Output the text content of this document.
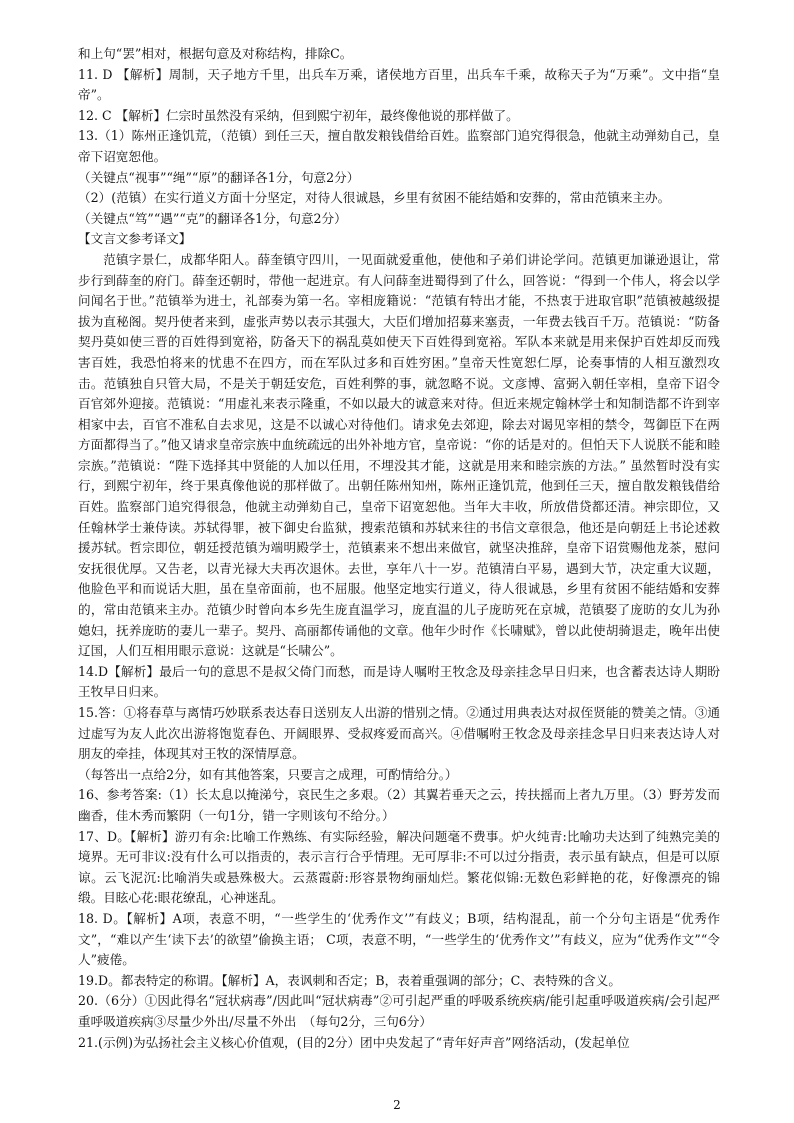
和上句“罢”相对，根据句意及对称结构，排除C。

11. D 【解析】周制，天子地方千里，出兵车万乘，诸侯地方百里，出兵车千乘，故称天子为“万乘”。文中指“皇帝”。

12. C 【解析】仁宗时虽然没有采纳，但到熙宁初年，最终像他说的那样做了。

13.（1）陈州正逢饥荒，（范镇）到任三天，擅自散发粮钱借给百姓。监察部门追究得很急，他就主动弹劾自己，皇帝下诏宽恕他。

（关键点“视事”“绳”“原”的翻译各1分，句意2分）

（2）(范镇）在实行道义方面十分坚定，对待人很诚恳，乡里有贫困不能结婚和安葬的，常由范镇来主办。

（关键点“笃”“遇”“克”的翻译各1分，句意2分）

【文言文参考译文】

范镇字景仁，成都华阳人。薛奎镇守四川，一见面就爱重他，使他和子弟们讲论学问。范镇更加谦逊退让，常步行到薛奎的府门。薛奎还朝时，带他一起进京。有人问薛奎进蜀得到了什么，回答说：“得到一个伟人，将会以学问闻名于世。”范镇举为进士，礼部奏为第一名。宰相庞籍说：“范镇有特出才能，不热衷于进取官职”范镇被越级提拔为直秘阁。契丹使者来到，虚张声势以表示其强大，大臣们增加招募来塞责，一年费去钱百千万。范镇说：“防备契丹莫如使三晋的百姓得到宽裕，防备天下的祸乱莫如使天下百姓得到宽裕。军队本来就是用来保护百姓却反而残害百姓，我恐怕将来的忧患不在四方，而在军队过多和百姓穷困。”皇帝天性宽恕仁厚，论奏事情的人相互激烈攻击。范镇独自只管大局，不是关于朝廷安危，百姓利弊的事，就忽略不说。文彦博、富弼入朝任宰相，皇帝下诏令百官郊外迎接。范镇说：“用虚礼来表示隆重，不如以最大的诚意来对待。但近来规定翰林学士和知制诰都不许到宰相家中去，百官不准私自去求见，这是不以诚心对待他们。请求免去郊迎，除去对谒见宰相的禁令，驾御臣下在两方面都得当了。”他又请求皇帝宗族中血统疏远的出外补地方官，皇帝说：“你的话是对的。但怕天下人说朕不能和睦宗族。”范镇说：“陛下选择其中贤能的人加以任用，不埋没其才能，这就是用来和睦宗族的方法。” 虽然暂时没有实行，到熙宁初年，终于果真像他说的那样做了。出朝任陈州知州，陈州正逢饥荒，他到任三天，擅自散发粮钱借给百姓。监察部门追究得很急，他就主动弹劾自己，皇帝下诏宽恕他。当年大丰收，所放借贷都还清。神宗即位，又任翰林学士兼侍读。苏轼得罪，被下御史台监狱，搜索范镇和苏轼来往的书信文章很急，他还是向朝廷上书论述救援苏轼。哲宗即位，朝廷授范镇为端明殿学士，范镇素来不想出来做官，就坚决推辞，皇帝下诏赏赐他龙茶，慰问安抚很优厚。又告老，以青光禄大夫再次退休。去世，享年八十一岁。范镇清白平易，遇到大节，决定重大议题，他脸色平和而说话大胆，虽在皇帝面前，也不屈服。他坚定地实行道义，待人很诚恳，乡里有贫困不能结婚和安葬的，常由范镇来主办。范镇少时曾向本乡先生庞直温学习，庞直温的儿子庞昉死在京城，范镇娶了庞昉的女儿为孙媳妇，抚养庞昉的妻儿一辈子。契丹、高丽都传诵他的文章。他年少时作《长啸赋》，曾以此使胡骑退走，晚年出使辽国，人们互相用眼示意说：这就是“长啸公”。

14.D【解析】最后一句的意思不是叔父倚门而愁，而是诗人嘱咐王牧念及母亲挂念早日归来，也含蓄表达诗人期盼王牧早日归来。

15.答：①将春草与离情巧妙联系表达春日送别友人出游的惜别之情。②通过用典表达对叔侄贤能的赞美之情。③通过虚写为友人此次出游将饱览春色、开阔眼界、受叔疼爱而高兴。④借嘱咐王牧念及母亲挂念早日归来表达诗人对朋友的牵挂，体现其对王牧的深情厚意。

（每答出一点给2分，如有其他答案，只要言之成理，可酌情给分。）

16、参考答案:（1）长太息以掩涕兮，哀民生之多艰。（2）其翼若垂天之云，抟扶摇而上者九万里。（3）野芳发而幽香，佳木秀而繁阴（一句1分，错一字则该句不给分。）

17、D。【解析】游刃有余:比喻工作熟练、有实际经验，解决问题毫不费事。炉火纯青:比喻功夫达到了纯熟完美的境界。无可非议:没有什么可以指责的，表示言行合乎情理。无可厚非:不可以过分指责，表示虽有缺点，但是可以原谅。云飞泥沉:比喻消失或悬殊极大。云蒸霞蔚:形容景物绚丽灿烂。繁花似锦:无数色彩鲜艳的花，好像漂亮的锦缎。目眩心花:眼花缭乱，心神迷乱。

18. D。【解析】A项，表意不明，“一些学生的‘优秀作文’”有歧义；B项，结构混乱，前一个分句主语是“优秀作文”，“难以产生‘读下去’的欲望”偷换主语； C项，表意不明，“一些学生的‘优秀作文’”有歧义，应为“优秀作文”“令人”疲倦。

19.D。都表特定的称谓。【解析】A，表讽刺和否定；B，表着重强调的部分；C、表特殊的含义。

20.（6分）①因此得名“冠状病毒”/因此叫“冠状病毒”②可引起严重的呼吸系统疾病/能引起重呼吸道疾病/会引起严重呼吸道疾病③尽量少外出/尽量不外出　（每句2分，三句6分）

21.(示例)为弘扬社会主义核心价值观，(目的2分）团中央发起了“青年好声音”网络活动，(发起单位

2
